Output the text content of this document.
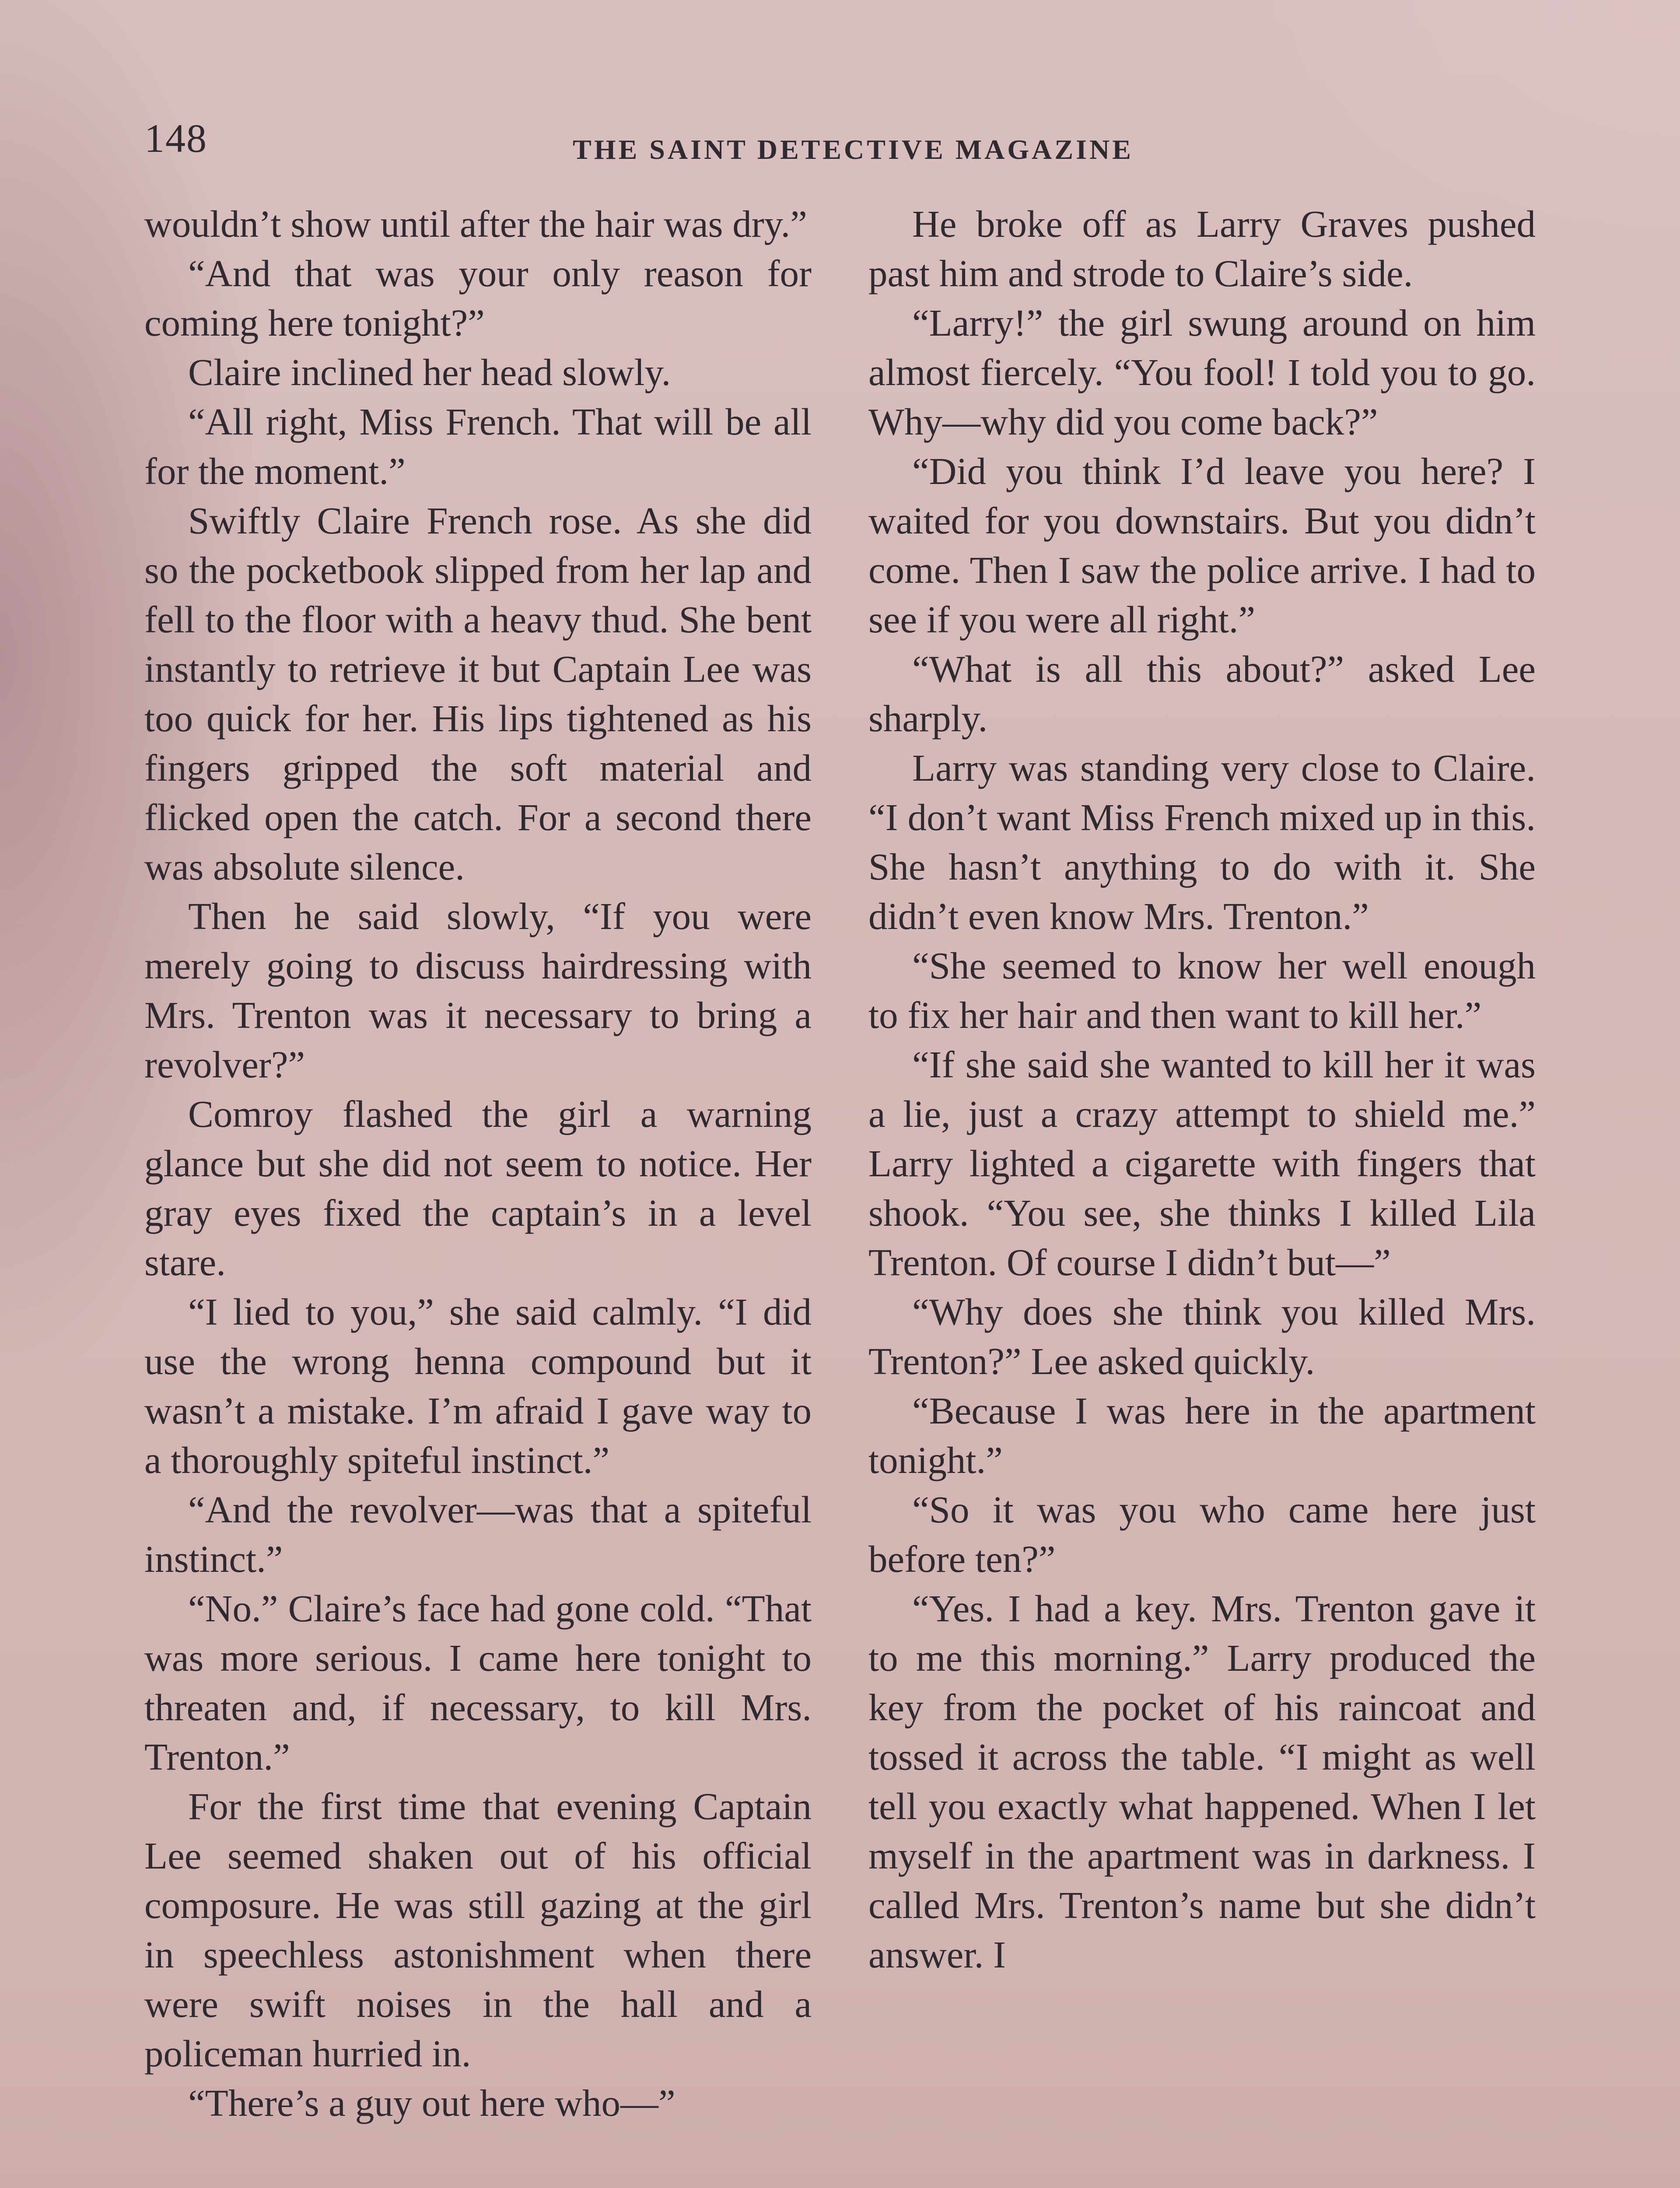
148	THE SAINT DETECTIVE MAGAZINE

wouldn’t show until after the hair was dry.”

“And that was your only reason for coming here tonight?”

Claire inclined her head slowly.

“All right, Miss French. That will be all for the moment.”

Swiftly Claire French rose. As she did so the pocketbook slipped from her lap and fell to the floor with a heavy thud. She bent instantly to retrieve it but Captain Lee was too quick for her. His lips tightened as his fingers gripped the soft material and flicked open the catch. For a second there was absolute silence.

Then he said slowly, “If you were merely going to discuss hairdressing with Mrs. Trenton was it necessary to bring a revolver?”

Comroy flashed the girl a warning glance but she did not seem to notice. Her gray eyes fixed the captain’s in a level stare.

“I lied to you,” she said calmly. “I did use the wrong henna compound but it wasn’t a mistake. I’m afraid I gave way to a thoroughly spiteful instinct.”

“And the revolver—was that a spiteful instinct.”

“No.” Claire’s face had gone cold. “That was more serious. I came here tonight to threaten and, if necessary, to kill Mrs. Trenton.”

For the first time that evening Captain Lee seemed shaken out of his official composure. He was still gazing at the girl in speechless astonishment when there were swift noises in the hall and a policeman hurried in.

“There’s a guy out here who—”

He broke off as Larry Graves pushed past him and strode to Claire’s side.

“Larry!” the girl swung around on him almost fiercely. “You fool! I told you to go. Why—why did you come back?”

“Did you think I’d leave you here? I waited for you downstairs. But you didn’t come. Then I saw the police arrive. I had to see if you were all right.”

“What is all this about?” asked Lee sharply.

Larry was standing very close to Claire. “I don’t want Miss French mixed up in this. She hasn’t anything to do with it. She didn’t even know Mrs. Trenton.”

“She seemed to know her well enough to fix her hair and then want to kill her.”

“If she said she wanted to kill her it was a lie, just a crazy attempt to shield me.” Larry lighted a cigarette with fingers that shook. “You see, she thinks I killed Lila Trenton. Of course I didn’t but—”

“Why does she think you killed Mrs. Trenton?” Lee asked quickly.

“Because I was here in the apartment tonight.”

“So it was you who came here just before ten?”

“Yes. I had a key. Mrs. Trenton gave it to me this morning.” Larry produced the key from the pocket of his raincoat and tossed it across the table. “I might as well tell you exactly what happened. When I let myself in the apartment was in darkness. I called Mrs. Trenton’s name but she didn’t answer. I
